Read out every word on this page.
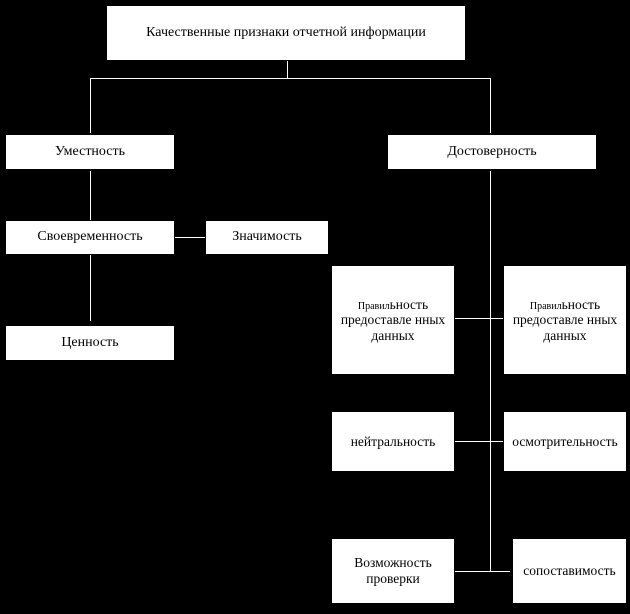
Качественные признаки отчетной информации
Уместность	Достоверность
Своевременность	Значимость
Ценность
Правильность предоставле нных данных
Правильность предоставле нных данных
нейтральность	осмотрительность
Возможность проверки
сопоставимость
